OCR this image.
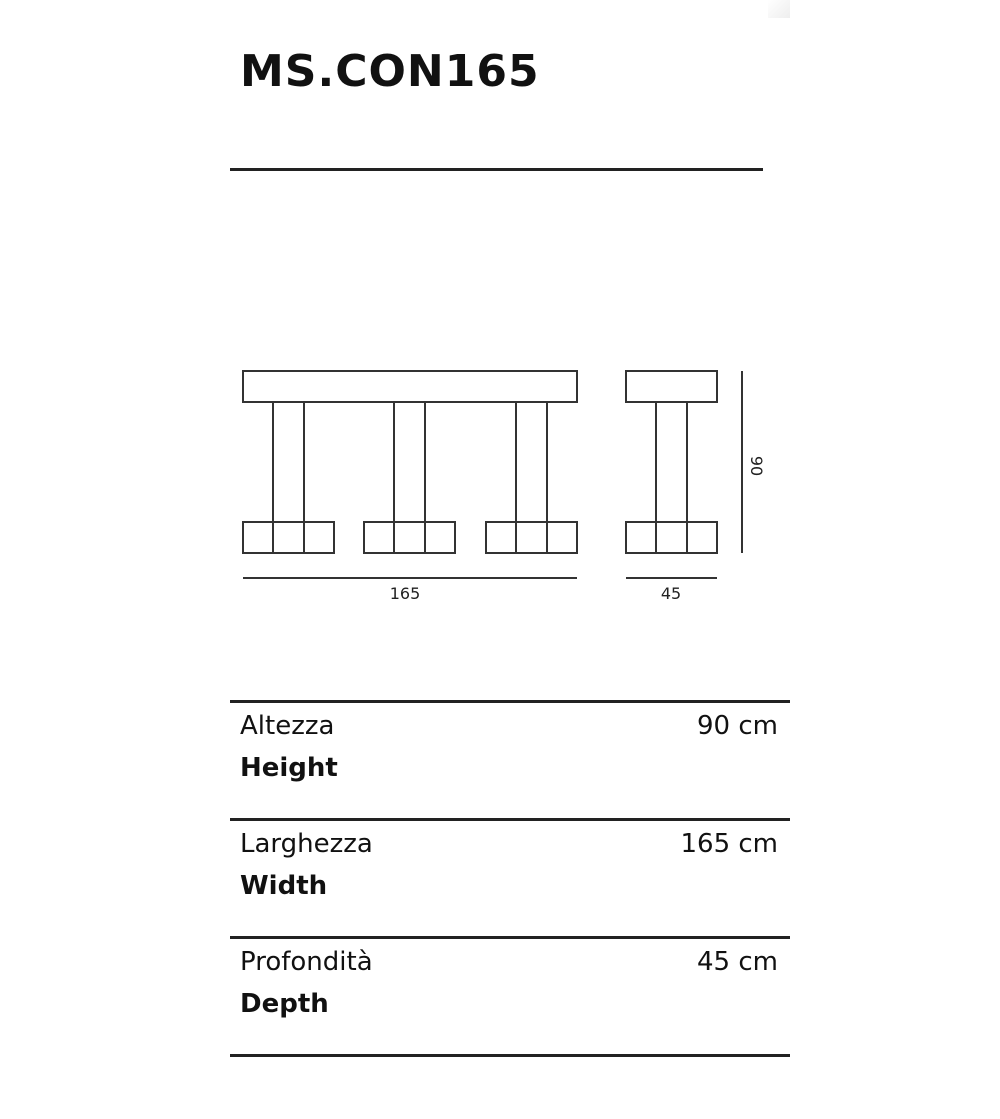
MS.CON165
165	45
90
Altezza
Height
90 cm
Larghezza
Width
165 cm
Profondità
Depth
45 cm
